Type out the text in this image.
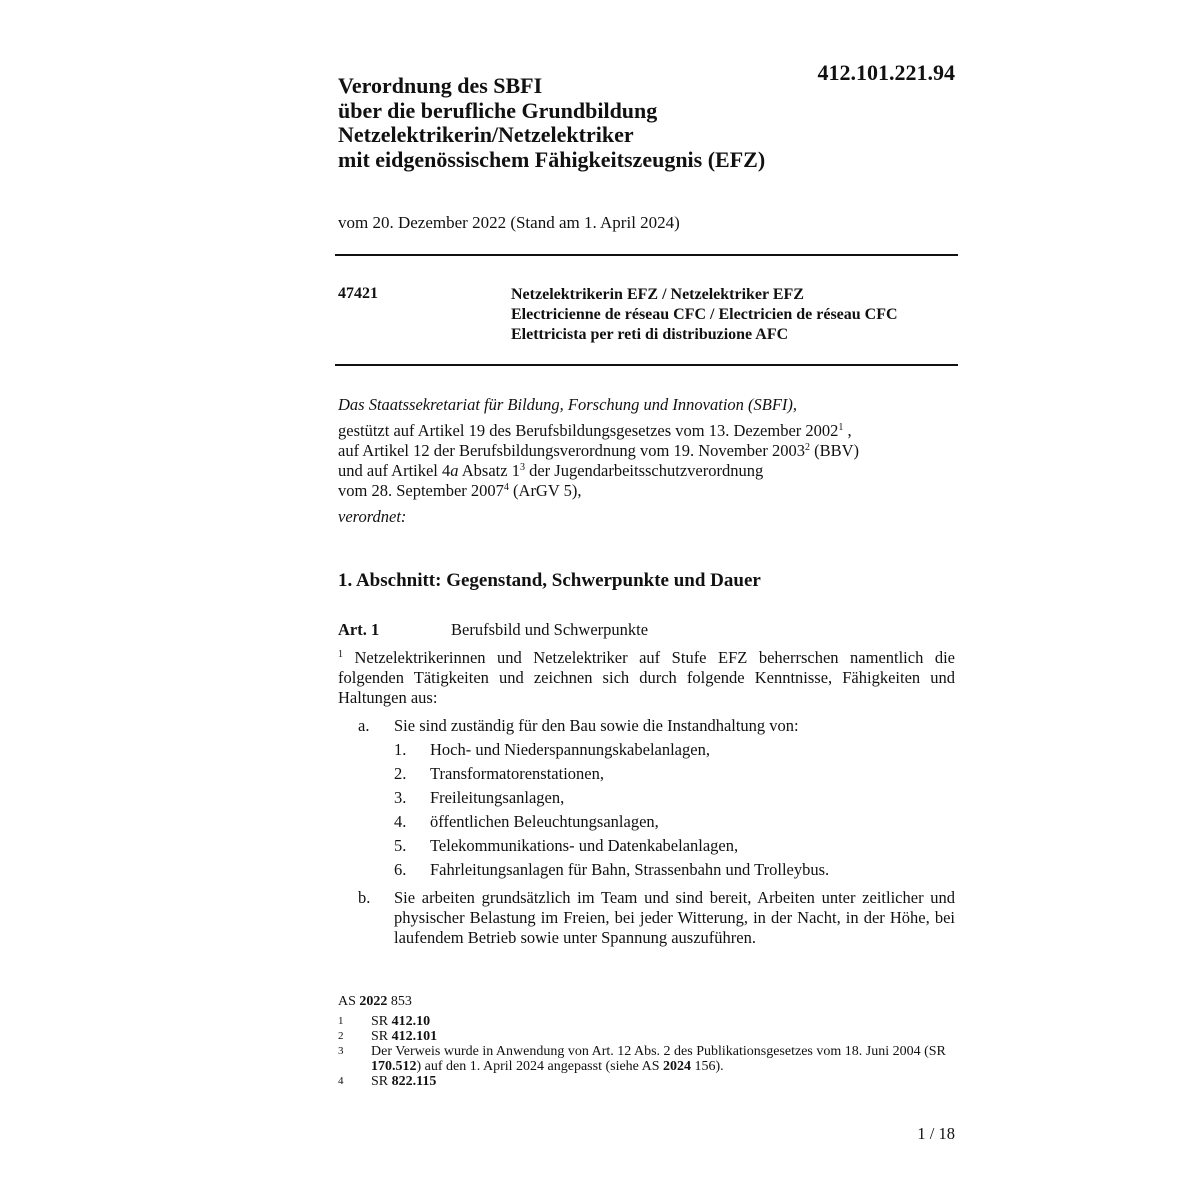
412.101.221.94
Verordnung des SBFI
über die berufliche Grundbildung
Netzelektrikerin/Netzelektriker
mit eidgenössischem Fähigkeitszeugnis (EFZ)
vom 20. Dezember 2022 (Stand am 1. April 2024)
47421	Netzelektrikerin EFZ / Netzelektriker EFZ
Electricienne de réseau CFC / Electricien de réseau CFC
Elettricista per reti di distribuzione AFC
Das Staatssekretariat für Bildung, Forschung und Innovation (SBFI),
gestützt auf Artikel 19 des Berufsbildungsgesetzes vom 13. Dezember 2002$^1$ ,
auf Artikel 12 der Berufsbildungsverordnung vom 19. November 2003$^2$ (BBV)
und auf Artikel 4a Absatz $1^3$ der Jugendarbeitsschutzverordnung
vom 28. September 2007$^4$ (ArGV 5),
verordnet:
1. Abschnitt: Gegenstand, Schwerpunkte und Dauer
Art. 1	Berufsbild und Schwerpunkte
$^1$ Netzelektrikerinnen und Netzelektriker auf Stufe EFZ beherrschen namentlich die folgenden Tätigkeiten und zeichnen sich durch folgende Kenntnisse, Fähigkeiten und Haltungen aus:
a.	Sie sind zuständig für den Bau sowie die Instandhaltung von:
1.	Hoch- und Niederspannungskabelanlagen,
2.	Transformatorenstationen,
3.	Freileitungsanlagen,
4.	öffentlichen Beleuchtungsanlagen,
5.	Telekommunikations- und Datenkabelanlagen,
6.	Fahrleitungsanlagen für Bahn, Strassenbahn und Trolleybus.
b.	Sie arbeiten grundsätzlich im Team und sind bereit, Arbeiten unter zeitlicher und physischer Belastung im Freien, bei jeder Witterung, in der Nacht, in der Höhe, bei laufendem Betrieb sowie unter Spannung auszuführen.
AS 2022 853
1	SR 412.10
2	SR 412.101
3	Der Verweis wurde in Anwendung von Art. 12 Abs. 2 des Publikationsgesetzes vom 18. Juni 2004 (SR 170.512) auf den 1. April 2024 angepasst (siehe AS 2024 156).
4	SR 822.115
1 / 18
